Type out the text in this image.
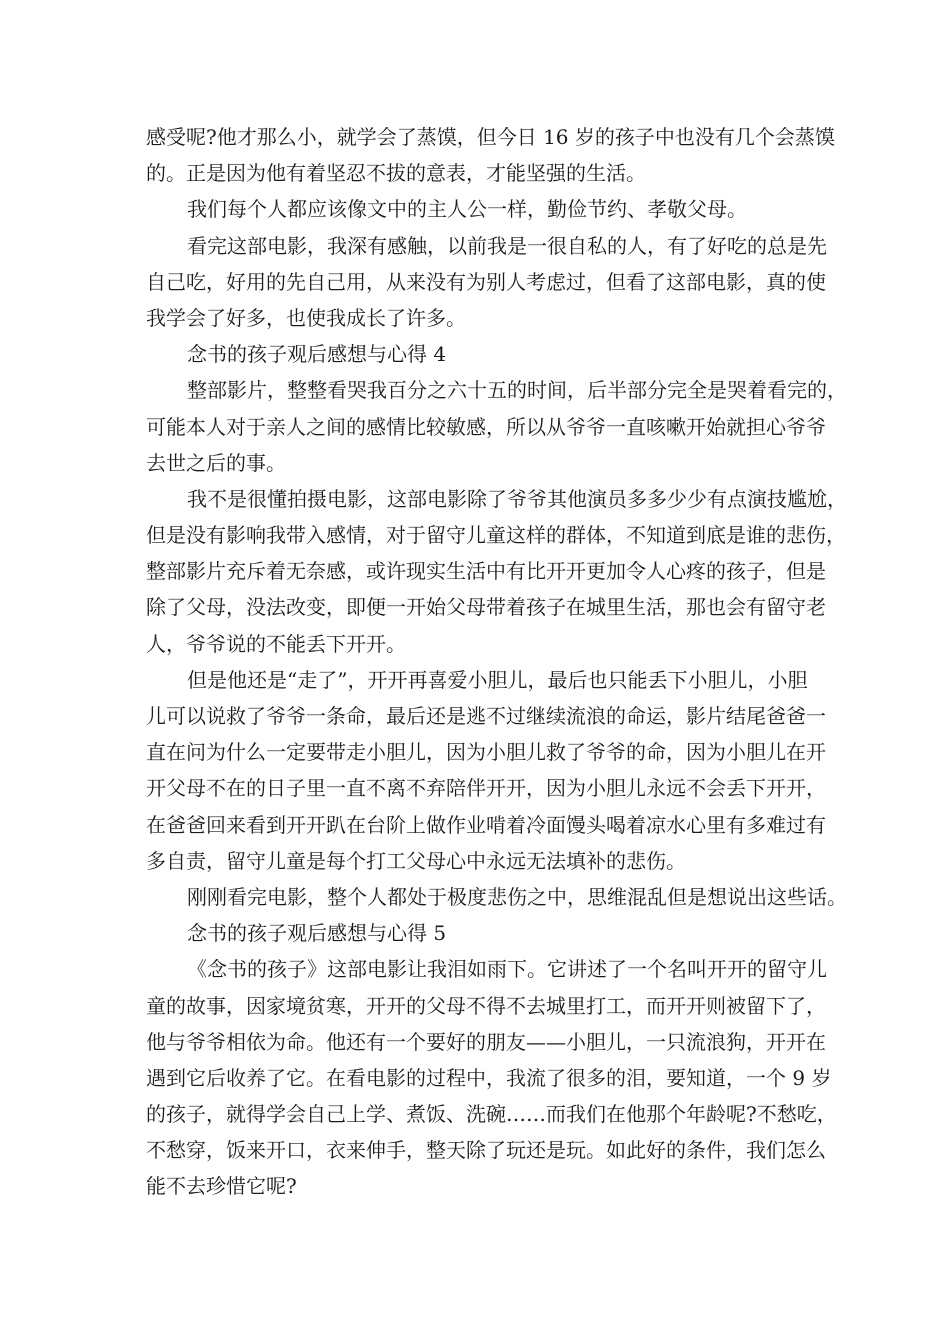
感受呢?他才那么小，就学会了蒸馍，但今日 16 岁的孩子中也没有几个会蒸馍
的。正是因为他有着坚忍不拔的意表，才能坚强的生活。
我们每个人都应该像文中的主人公一样，勤俭节约、孝敬父母。
看完这部电影，我深有感触，以前我是一很自私的人，有了好吃的总是先
自己吃，好用的先自己用，从来没有为别人考虑过，但看了这部电影，真的使
我学会了好多，也使我成长了许多。
念书的孩子观后感想与心得 4
整部影片，整整看哭我百分之六十五的时间，后半部分完全是哭着看完的，
可能本人对于亲人之间的感情比较敏感，所以从爷爷一直咳嗽开始就担心爷爷
去世之后的事。
我不是很懂拍摄电影，这部电影除了爷爷其他演员多多少少有点演技尴尬，
但是没有影响我带入感情，对于留守儿童这样的群体，不知道到底是谁的悲伤，
整部影片充斥着无奈感，或许现实生活中有比开开更加令人心疼的孩子，但是
除了父母，没法改变，即便一开始父母带着孩子在城里生活，那也会有留守老
人，爷爷说的不能丢下开开。
但是他还是“走了”，开开再喜爱小胆儿，最后也只能丢下小胆儿，小胆
儿可以说救了爷爷一条命，最后还是逃不过继续流浪的命运，影片结尾爸爸一
直在问为什么一定要带走小胆儿，因为小胆儿救了爷爷的命，因为小胆儿在开
开父母不在的日子里一直不离不弃陪伴开开，因为小胆儿永远不会丢下开开，
在爸爸回来看到开开趴在台阶上做作业啃着冷面馒头喝着凉水心里有多难过有
多自责，留守儿童是每个打工父母心中永远无法填补的悲伤。
刚刚看完电影，整个人都处于极度悲伤之中，思维混乱但是想说出这些话。
念书的孩子观后感想与心得 5
《念书的孩子》这部电影让我泪如雨下。它讲述了一个名叫开开的留守儿
童的故事，因家境贫寒，开开的父母不得不去城里打工，而开开则被留下了，
他与爷爷相依为命。他还有一个要好的朋友——小胆儿，一只流浪狗，开开在
遇到它后收养了它。在看电影的过程中，我流了很多的泪，要知道，一个 9 岁
的孩子，就得学会自己上学、煮饭、洗碗……而我们在他那个年龄呢?不愁吃，
不愁穿，饭来开口，衣来伸手，整天除了玩还是玩。如此好的条件，我们怎么
能不去珍惜它呢?
